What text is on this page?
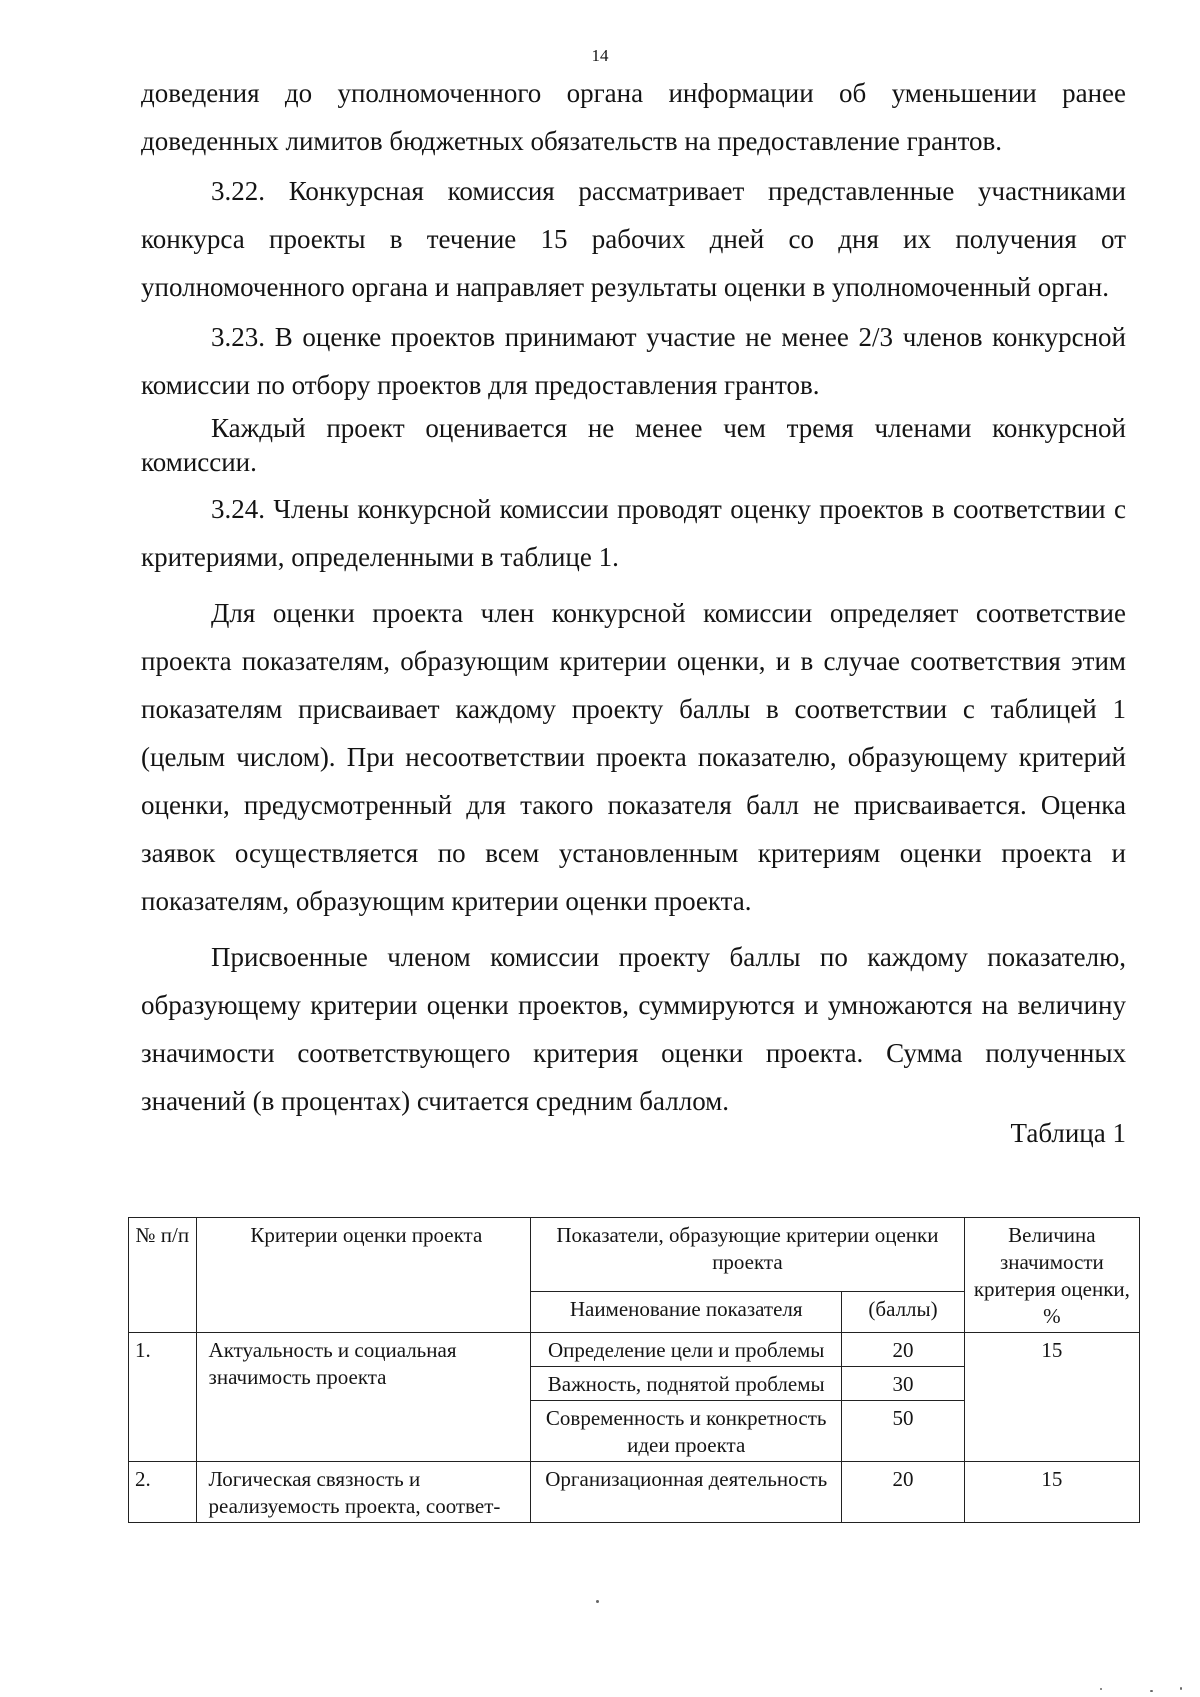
14

доведения до уполномоченного органа информации об уменьшении ранее доведенных лимитов бюджетных обязательств на предоставление грантов.

3.22. Конкурсная комиссия рассматривает представленные участниками конкурса проекты в течение 15 рабочих дней со дня их получения от уполномоченного органа и направляет результаты оценки в уполномоченный орган.

3.23. В оценке проектов принимают участие не менее 2/3 членов конкурсной комиссии по отбору проектов для предоставления грантов.

Каждый проект оценивается не менее чем тремя членами конкурсной комиссии.

3.24. Члены конкурсной комиссии проводят оценку проектов в соответствии с критериями, определенными в таблице 1.

Для оценки проекта член конкурсной комиссии определяет соответствие проекта показателям, образующим критерии оценки, и в случае соответствия этим показателям присваивает каждому проекту баллы в соответствии с таблицей 1 (целым числом). При несоответствии проекта показателю, образующему критерий оценки, предусмотренный для такого показателя балл не присваивается. Оценка заявок осуществляется по всем установленным критериям оценки проекта и показателям, образующим критерии оценки проекта.

Присвоенные членом комиссии проекту баллы по каждому показателю, образующему критерии оценки проектов, суммируются и умножаются на величину значимости соответствующего критерия оценки проекта. Сумма полученных значений (в процентах) считается средним баллом.

Таблица 1
№ п/п	Критерии оценки проекта	Показатели, образующие критерии оценки проекта		Величина значимости критерия оценки, %
		Наименование показателя	(баллы)	
1.	Актуальность и социальная значимость проекта	Определение цели и проблемы	20	15
		Важность, поднятой проблемы	30	
		Современность и конкретность идеи проекта	50	
2.	Логическая связность и реализуемость проекта, соответ-	Организационная деятельность	20	15
